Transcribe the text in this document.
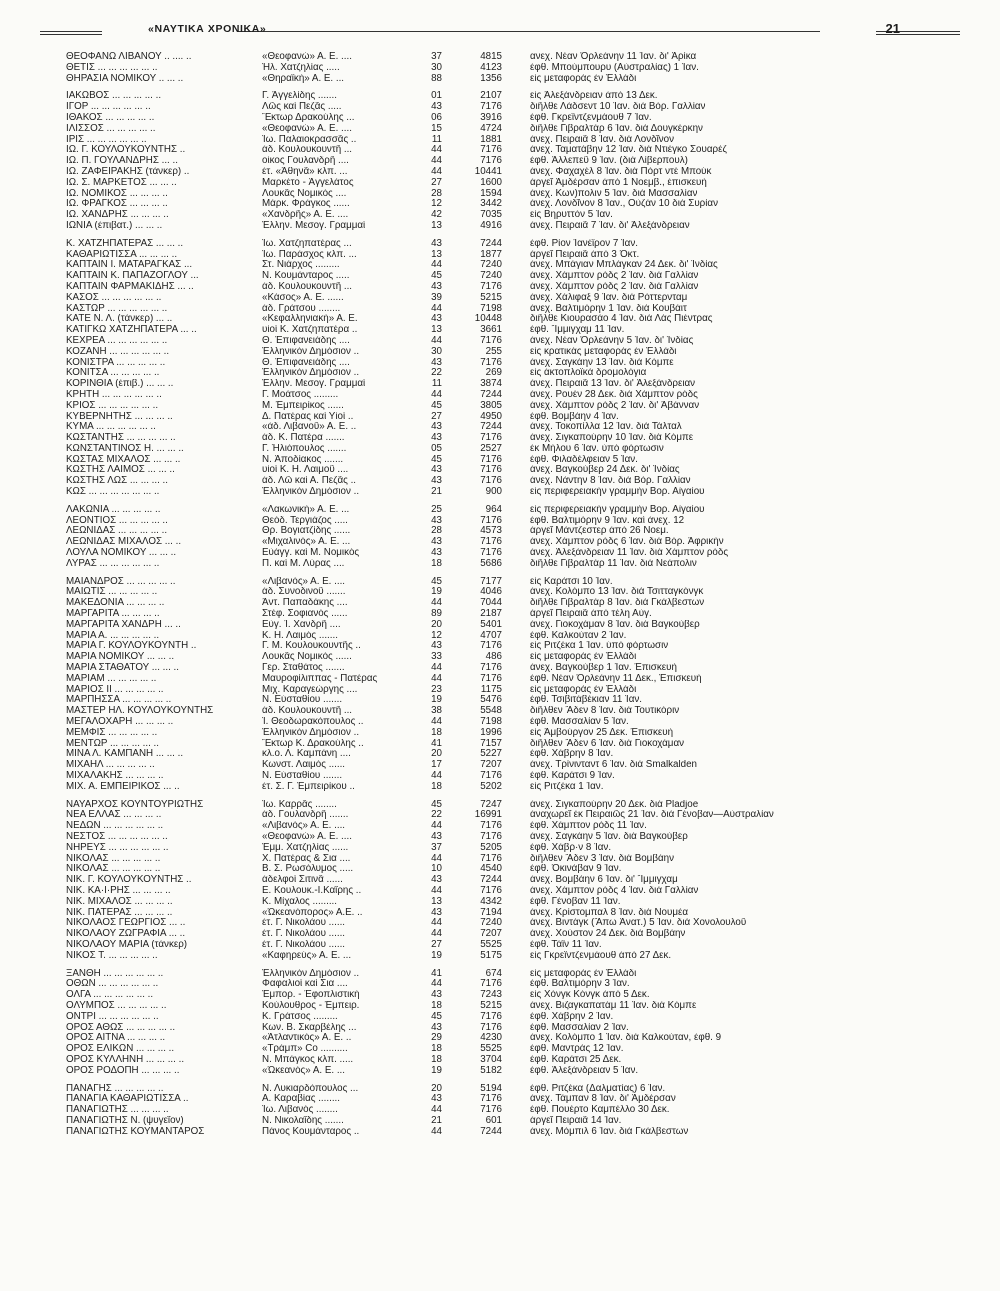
«ΝΑΥΤΙΚΑ ΧΡΟΝΙΚΑ»	21
ΘΕΟΦΑΝΩ ΛΙΒΑΝΟΥ .. .... ..	«Θεοφανώ» Α. Ε. ....	37	4815	ανεχ. Νέαν Ὀρλεάνην 11 Ἰαν. δι' Ἀρίκα
ΘΕΤΙΣ ... ... ... ... ... ..	Ἡλ. Χατζηλίας .....	30	4123	ἐφθ. Μπούμπουρυ (Αὐστραλίας) 1 Ἰαν.
ΘΗΡΑΣΙΑ ΝΟΜΙΚΟΥ .. ... ..	«Θηραϊκή» Α. Ε. ...	88	1356	εἰς μεταφορὰς ἐν Ἑλλάδι
ΙΑΚΩΒΟΣ ... ... ... ... ..	Γ. Ἀγγελίδης .......	01	2107	εἰς Ἀλεξάνδρειαν ἀπὸ 13 Δεκ.
ΙΓΟΡ ... ... ... ... ... ..	Λῶς καὶ Πεζᾶς .....	43	7176	διῆλθε Λάδσεντ 10 Ἰαν. διὰ Βόρ. Γαλλίαν
ΙΘΑΚΟΣ ... ... ... ... ..	Ἕκτωρ Δρακούλης ...	06	3916	ἐφθ. Γκρεϊντζενμάουθ 7 Ἰαν.
ΙΛΙΣΣΟΣ ... ... ... ... ..	«Θεοφανώ» Α. Ε. ....	15	4724	διῆλθε Γιβραλτὰρ 6 Ἰαν. διὰ Δουγκέρκην
ΙΡΙΣ ... ... ... ... ... ..	Ἰω. Παλαιοκρασσᾶς ..	11	1881	ἀνεχ. Πειραιᾶ 8 Ἰαν. διὰ Λονδῖνον
ΙΩ. Γ. ΚΟΥΛΟΥΚΟΥΝΤΗΣ ..	ἀδ. Κουλουκουντῆ ...	44	7176	ἀνεχ. Ταματάβην 12 Ἰαν. διὰ Ντιέγκο Σουαρέζ
ΙΩ. Π. ΓΟΥΛΑΝΔΡΗΣ ... ..	οἶκος Γουλανδρῆ ....	44	7176	ἐφθ. Ἀλλεπεῦ 9 Ἰαν. (διὰ Λίβερπουλ)
ΙΩ. ΖΑΦΕΙΡΑΚΗΣ (τάνκερ) ..	ἐτ. «Ἀθηνᾶ» κλπ. ...	44	10441	ἀνεχ. Φαχαχὲλ 8 Ἰαν. διὰ Πὸρτ ντὲ Μποὺκ
ΙΩ. Σ. ΜΑΡΚΕΤΟΣ ... ... ..	Μαρκέτο - Ἀγγελάτος	27	1600	ἀργεῖ Ἀμδέρσαν ἀπὸ 1 Νοεμβ., ἐπισκευή
ΙΩ. ΝΟΜΙΚΟΣ ... ... ... ..	Λουκᾶς Νομικὸς ....	28	1594	ἀνεχ. Κων)πολιν 5 Ἰαν. διὰ Μασσαλίαν
ΙΩ. ΦΡΑΓΚΟΣ ... ... ... ..	Μάρκ. Φράγκος ......	12	3442	ἀνεχ. Λονδῖνον 8 Ἰαν., Οὐζὰν 10 διὰ Συρίαν
ΙΩ. ΧΑΝΔΡΗΣ ... ... ... ..	«Χανδρῆς» Α. Ε. ....	42	7035	εἰς Βηρυττὸν 5 Ἰαν.
ΙΩΝΙΑ (ἐπιβατ.) ... ... ..	Ἑλλην. Μεσογ. Γραμμαὶ	13	4916	ἀνεχ. Πειραιᾶ 7 Ἰαν. δι' Ἀλεξάνδρειαν
Κ. ΧΑΤΖΗΠΑΤΕΡΑΣ ... ... ..	Ἰω. Χατζηπατέρας ...	43	7244	ἐφθ. Ρίον Ἰανέϊρον 7 Ἰαν.
ΚΑΘΑΡΙΩΤΙΣΣΑ ... ... ... ..	Ἰω. Παράσχος κλπ. ...	13	1877	ἀργεῖ Πειραιᾶ ἀπὸ 3 Ὀκτ.
ΚΑΠΤΑΙΝ Ι. ΜΑΤΑΡΑΓΚΑΣ ...	Στ. Νιάρχος .........	44	7240	ἀνεχ. Μπάγιαν Μπλάγκαν 24 Δεκ. δι' Ἰνδίας
ΚΑΠΤΑΙΝ Κ. ΠΑΠΑΖΟΓΛΟΥ ...	Ν. Κουμάνταρος .....	45	7240	ἀνεχ. Χάμπτον ρὸδς 2 Ἰαν. διὰ Γαλλίαν
ΚΑΠΤΑΙΝ ΦΑΡΜΑΚΙΔΗΣ ... ..	ἀδ. Κουλουκουντῆ ...	43	7176	ἀνεχ. Χάμπτον ρὸδς 2 Ἰαν. διὰ Γαλλίαν
ΚΑΣΟΣ ... ... ... ... ... ..	«Κάσος» Α. Ε. ......	39	5215	ἀνεχ. Χάλιφαξ 9 Ἰαν. διὰ Ρόττερνταμ
ΚΑΣΤΩΡ ... ... ... ... ... ..	ἀδ. Γράτσου ........	44	7198	ἀνεχ. Βαλτιμόρην 1 Ἰαν. διὰ Κουβάιτ
ΚΑΤΕ Ν. Λ. (τάνκερ) ... ..	«Κεφαλληνιακή» Α. Ε.	43	10448	διῆλθε Κιουρασάο 4 Ἰαν. διὰ Λὰς Πιέντρας
ΚΑΤΙΓΚΩ ΧΑΤΖΗΠΑΤΕΡΑ ... ..	υἱοὶ Κ. Χατζηπατέρα ..	13	3661	ἐφθ. Ἴμμιγχαμ 11 Ἰαν.
ΚΕΧΡΕΑ ... ... ... ... ... ..	Θ. Ἐπιφανειάδης ....	44	7176	ἀνεχ. Νέαν Ὀρλεάνην 5 Ἰαν. δι' Ἰνδίας
ΚΟΖΑΝΗ ... ... ... ... ... ..	Ἑλληνικὸν Δημόσιον ..	30	255	εἰς κρατικὰς μεταφορὰς ἐν Ἑλλάδι
ΚΟΝΙΣΤΡΑ ... ... ... ... ..	Θ. Ἐπιφανειάδης ....	43	7176	ἀνεχ. Σαγκάην 13 Ἰαν. διὰ Κόμπε
ΚΟΝΙΤΣΑ ... ... ... ... ..	Ἑλληνικὸν Δημόσιον ..	22	269	εἰς ἀκτοπλοϊκὰ δρομολόγια
ΚΟΡΙΝΘΙΑ (ἐπιβ.) ... ... ..	Ἑλλην. Μεσογ. Γραμμαὶ	11	3874	ἀνεχ. Πειραιᾶ 13 Ἰαν. δι' Ἀλεξάνδρειαν
ΚΡΗΤΗ ... ... ... ... ... ..	Γ. Μοάτσος .........	44	7244	ἀνεχ. Ρουὲν 28 Δεκ. διὰ Χάμπτον ρὸδς
ΚΡΙΟΣ ... ... ... ... ... ..	Μ. Ἐμπειρίκος ......	45	3805	ἀνεχ. Χάμπτον ρὸδς 2 Ἰαν. δι' Ἀβάνναν
ΚΥΒΕΡΝΗΤΗΣ ... ... ... ..	Δ. Πατέρας καὶ Υἱοὶ ..	27	4950	ἐφθ. Βομβάην 4 Ἰαν.
ΚΥΜΑ ... ... ... ... ... ..	«ἀδ. Λιβανοῦ» Α. Ε. ..	43	7244	ἀνεχ. Τοκοπίλλα 12 Ἰαν. διὰ Τάλταλ
ΚΩΣΤΑΝΤΗΣ ... ... ... ... ..	ἀδ. Κ. Πατέρα .......	43	7176	ἀνεχ. Σιγκαπούρην 10 Ἰαν. διὰ Κόμπε
ΚΩΝΣΤΑΝΤΙΝΟΣ Η. ... ... ..	Γ. Ἠλιόπουλος .......	05	2527	ἐκ Μήλου 6 Ἰαν. ὑπὸ φόρτωσιν
ΚΩΣΤΑΣ ΜΙΧΑΛΟΣ ... ... ..	Ν. Ἀποδίακος .......	45	7176	ἐφθ. Φιλαδέλφειαν 5 Ἰαν.
ΚΩΣΤΗΣ ΛΑΙΜΟΣ ... ... ..	υἱοὶ Κ. Η. Λαιμοῦ ....	43	7176	ἀνεχ. Βαγκούβερ 24 Δεκ. δι' Ἰνδίας
ΚΩΣΤΗΣ ΛΩΣ ... ... ... ..	ἀδ. Λῶ καὶ Α. Πεζᾶς ..	43	7176	ἀνεχ. Νάντην 8 Ἰαν. διὰ Βόρ. Γαλλίαν
ΚΩΣ ... ... ... ... ... ... ..	Ἑλληνικὸν Δημόσιον ..	21	900	εἰς περιφερειακὴν γραμμὴν Βορ. Αἰγαίου
ΛΑΚΩΝΙΑ ... ... ... ... ..	«Λακωνική» Α. Ε. ...	25	964	εἰς περιφερειακὴν γραμμὴν Βορ. Αἰγαίου
ΛΕΟΝΤΙΟΣ ... ... ... ... ..	Θεόδ. Τεργιάζος .....	43	7176	ἐφθ. Βαλτιμόρην 9 Ἰαν. καὶ ἀνεχ. 12
ΛΕΩΝΙΔΑΣ ... ... ... ... ..	Θρ. Βογιατζίδης ......	28	4573	ἀργεῖ Μάντζεστερ ἀπὸ 26 Νοεμ.
ΛΕΩΝΙΔΑΣ ΜΙΧΑΛΟΣ ... ..	«Μιχαλινός» Α. Ε. ...	43	7176	ἀνεχ. Χάμπτον ρὸδς 6 Ἰαν. διὰ Βόρ. Ἀφρικὴν
ΛΟΥΛΑ ΝΟΜΙΚΟΥ ... ... ..	Εὐάγγ. καὶ Μ. Νομικὸς	43	7176	ἀνεχ. Ἀλεξάνδρειαν 11 Ἰαν. διὰ Χάμπτον ρὸδς
ΛΥΡΑΣ ... ... ... ... ... ..	Π. καὶ Μ. Λύρας ....	18	5686	διῆλθε Γιβραλτὰρ 11 Ἰαν. διὰ Νεάπολιν
ΜΑΙΑΝΔΡΟΣ ... ... ... ... ..	«Λιβανός» Α. Ε. ....	45	7177	εἰς Καράτσι 10 Ἰαν.
ΜΑΙΩΤΙΣ ... ... ... ... ..	ἀδ. Συνοδινοῦ .......	19	4046	ἀνεχ. Κολόμπο 13 Ἰαν. διὰ Τσιτταγκὸνγκ
ΜΑΚΕΔΟΝΙΑ ... ... ... ..	Ἀντ. Παπαδάκης ....	44	7044	διῆλθε Γιβραλτὰρ 8 Ἰαν. διὰ Γκάλβεστων
ΜΑΡΓΑΡΙΤΑ ... ... ... ..	Στέφ. Σοφιανὸς ......	89	2187	ἀργεῖ Πειραιᾶ ἀπὸ τέλη Αὐγ.
ΜΑΡΓΑΡΙΤΑ ΧΑΝΔΡΗ ... ..	Εὐγ. Ἰ. Χανδρῆ ....	20	5401	ἀνεχ. Γιοκοχάμαν 8 Ἰαν. διὰ Βαγκούβερ
ΜΑΡΙΑ Α. ... ... ... ... ..	Κ. Η. Λαιμὸς .......	12	4707	ἐφθ. Καλκούταν 2 Ἰαν.
ΜΑΡΙΑ Γ. ΚΟΥΛΟΥΚΟΥΝΤΗ ..	Γ. Μ. Κουλουκουντῆς ..	43	7176	εἰς Ριτζέκα 1 Ἰαν. ὑπὸ φόρτωσιν
ΜΑΡΙΑ ΝΟΜΙΚΟΥ ... ... ..	Λουκᾶς Νομικὸς ......	33	486	εἰς μεταφορὰς ἐν Ἑλλάδι
ΜΑΡΙΑ ΣΤΑΘΑΤΟΥ ... ... ..	Γερ. Σταθάτος .......	44	7176	ἀνεχ. Βαγκούβερ 1 Ἰαν. Ἐπισκευή
ΜΑΡΙΑΜ ... ... ... ... ..	Μαυροφίλιππας - Πατέρας	44	7176	ἐφθ. Νέαν Ὀρλεάνην 11 Δεκ., Ἐπισκευή
ΜΑΡΙΟΣ ΙΙ ... ... ... ... ..	Μιχ. Καραγεώργης ....	23	1175	εἰς μεταφορὰς ἐν Ἑλλάδι
ΜΑΡΠΗΣΣΑ ... ... ... ... ..	Ν. Εὐσταθίου .......	19	5476	ἐφθ. Τσιβιτάβέκιαν 11 Ἰαν.
ΜΑΣΤΕΡ ΗΛ. ΚΟΥΛΟΥΚΟΥΝΤΗΣ	ἀδ. Κουλουκουντῆ ...	38	5548	διῆλθεν Ἄδεν 8 Ἰαν. διὰ Τουτικόριν
ΜΕΓΑΛΟΧΑΡΗ ... ... ... ..	Ἰ. Θεοδωρακόπουλος ..	44	7198	ἐφθ. Μασσαλίαν 5 Ἰαν.
ΜΕΜΦΙΣ ... ... ... ... ..	Ἑλληνικὸν Δημόσιον ..	18	1996	εἰς Ἀμβούργον 25 Δεκ. Ἐπισκευή
ΜΕΝΤΩΡ ... ... ... ... ..	Ἕκτωρ Κ. Δρακούλης ..	41	7157	διῆλθεν Ἄδεν 6 Ἰαν. διὰ Γιοκοχάμαν
ΜΙΝΑ Λ. ΚΑΜΠΑΝΗ ... ... ..	κλ.ο. Λ. Καμπάνη ....	20	5227	ἐφθ. Χάβρην 8 Ἰαν.
ΜΙΧΑΗΛ ... ... ... ... ..	Κωνστ. Λαιμὸς ......	17	7207	ἀνεχ. Τρίνινταντ 6 Ἰαν. διὰ Smalkalden
ΜΙΧΑΛΑΚΗΣ ... ... ... ..	Ν. Εὐσταθίου .......	44	7176	ἐφθ. Καράτσι 9 Ἰαν.
ΜΙΧ. Α. ΕΜΠΕΙΡΙΚΟΣ ... ..	ἐτ. Σ. Γ. Ἐμπειρίκου ..	18	5202	εἰς Ριτζέκα 1 Ἰαν.
ΝΑΥΑΡΧΟΣ ΚΟΥΝΤΟΥΡΙΩΤΗΣ	Ἰω. Καρρᾶς ........	45	7247	ἀνεχ. Σιγκαπούρην 20 Δεκ. διὰ Pladjoe
ΝΕΑ ΕΛΛΑΣ ... ... ... ..	ἀδ. Γουλανδρῆ .......	22	16991	ἀναχωρεῖ ἐκ Πειραιῶς 21 Ἰαν. διὰ Γένοβαν—Αὐστραλίαν
ΝΕΔΩΝ ... ... ... ... ... ..	«Λιβανός» Α. Ε. ....	44	7176	ἐφθ. Χάμπτον ρὸδς 11 Ἰαν.
ΝΕΣΤΟΣ ... ... ... ... ... ..	«Θεοφανώ» Α. Ε. ....	43	7176	ἀνεχ. Σαγκάην 5 Ἰαν. διὰ Βαγκούβερ
ΝΗΡΕΥΣ ... ... ... ... ... ..	Ἐμμ. Χατζηλίας ......	37	5205	ἐφθ. Χάβρ·ν 8 Ἰαν.
ΝΙΚΟΛΑΣ ... ... ... ... ..	Χ. Πατέρας & Σια ....	44	7176	διῆλθεν Ἄδεν 3 Ἰαν. διὰ Βομβάην
ΝΙΚΟΛΑΣ ... ... ... ... ..	Β. Σ. Ρωσόλυμος .....	10	4540	ἐφθ. Ὀκινάβαν 9 Ἰαν.
ΝΙΚ. Γ. ΚΟΥΛΟΥΚΟΥΝΤΗΣ ..	ἀδελφοὶ Σιτινᾶ ......	43	7244	ἀνεχ. Βομβάην 6 Ἰαν. δι' Ἴμμιγχαμ
ΝΙΚ. ΚΑ·Ι·ΡΗΣ ... ... ... ..	Ε. Κουλουκ.-Ι.Καΐρης ..	44	7176	ἀνεχ. Χάμπτον ρὸδς 4 Ἰαν. διὰ Γαλλίαν
ΝΙΚ. ΜΙΧΑΛΟΣ ... ... ... ..	Κ. Μίχαλος .........	13	4342	ἐφθ. Γένοβαν 11 Ἰαν.
ΝΙΚ. ΠΑΤΕΡΑΣ ... ... ... ..	«Ὠκεανόπορος» Α.Ε. ..	43	7194	ἀνεχ. Κρίστομπαλ 8 Ἰαν. διὰ Νουμέα
ΝΙΚΟΛΑΟΣ ΓΕΩΡΓΙΟΣ ... ..	ἐτ. Γ. Νικολάου ......	44	7240	ἀνεχ. Βιντὰγκ (Ἄπω Ἀνατ.) 5 Ἰαν. διὰ Χονολουλοῦ
ΝΙΚΟΛΑΟΥ ΖΩΓΡΑΦΙΑ ... ..	ἐτ. Γ. Νικολάου ......	44	7207	ἀνεχ. Χούστον 24 Δεκ. διὰ Βομβάην
ΝΙΚΟΛΑΟΥ ΜΑΡΙΑ (τάνκερ)	ἐτ. Γ. Νικολάου ......	27	5525	ἐφθ. Τάϊν 11 Ἰαν.
ΝΙΚΟΣ Τ. ... ... ... ... ..	«Καφηρεύς» Α. Ε. ...	19	5175	εἰς Γκρεϊντζενμάουθ ἀπὸ 27 Δεκ.
ΞΑΝΘΗ ... ... ... ... ... ..	Ἑλληνικὸν Δημόσιον ..	41	674	εἰς μεταφορὰς ἐν Ἑλλάδι
ΟΘΩΝ ... ... ... ... ... ..	Φαφαλιοὶ καὶ Σια ....	44	7176	ἐφθ. Βαλτιμόρην 3 Ἰαν.
ΟΛΓΑ ... ... ... ... ... ..	Ἐμπορ. - Ἐφοπλιστικὴ	43	7243	εἰς Χὸνγκ Κὸνγκ ἀπὸ 5 Δεκ.
ΟΛΥΜΠΟΣ ... ... ... ... ..	Κούλουθρος - Ἐμπειρ.	18	5215	ἀνεχ. Βιζαγκαπατὰμ 11 Ἰαν. διὰ Κόμπε
ΟΝΤΡΙ ... ... ... ... ... ..	Κ. Γράτσος .........	45	7176	ἐφθ. Χάβρην 2 Ἰαν.
ΟΡΟΣ ΑΘΩΣ ... ... ... ... ..	Κων. Β. Σκαρβέλης ...	43	7176	ἐφθ. Μασσαλίαν 2 Ἰαν.
ΟΡΟΣ ΑΙΤΝΑ ... ... ... ..	«Ἀτλαντικὸς» Α. Ε. ..	29	4230	ἀνεχ. Κολόμπο 1 Ἰαν. διὰ Καλκούταν, ἐφθ. 9
ΟΡΟΣ ΕΛΙΚΩΝ ... ... ... ..	«Τράμπ» Co ..........	18	5525	ἐφθ. Μαντρὰς 12 Ἰαν.
ΟΡΟΣ ΚΥΛΛΗΝΗ ... ... ... ..	Ν. Μπάγκος κλπ. .....	18	3704	ἐφθ. Καράτσι 25 Δεκ.
ΟΡΟΣ ΡΟΔΟΠΗ ... ... ... ..	«Ὠκεανὸς» Α. Ε. ...	19	5182	ἐφθ. Ἀλεξάνδρειαν 5 Ἰαν.
ΠΑΝΑΓΗΣ ... ... ... ... ..	Ν. Λυκιαρδόπουλος ...	20	5194	ἐφθ. Ριτζέκα (Δαλματίας) 6 Ἰαν.
ΠΑΝΑΓΙΑ ΚΑΘΑΡΙΩΤΙΣΣΑ ..	Α. Καραβίας ........	43	7176	ἀνεχ. Τάμπαν 8 Ἰαν. δι' Ἀμδέρσαν
ΠΑΝΑΓΙΩΤΗΣ ... ... ... ..	Ἰω. Λιβανὸς ........	44	7176	ἐφθ. Πουέρτο Καμπέλλο 30 Δεκ.
ΠΑΝΑΓΙΩΤΗΣ Ν. (ψυγεῖον)	Ν. Νικολαΐδης .......	21	601	ἀργεῖ Πειραιᾶ 14 Ἰαν.
ΠΑΝΑΓΙΩΤΗΣ ΚΟΥΜΑΝΤΑΡΟΣ	Πάνος Κουμάνταρος ..	44	7244	ἀνεχ. Μόμπιλ 6 Ἰαν. διὰ Γκάλβεστων
